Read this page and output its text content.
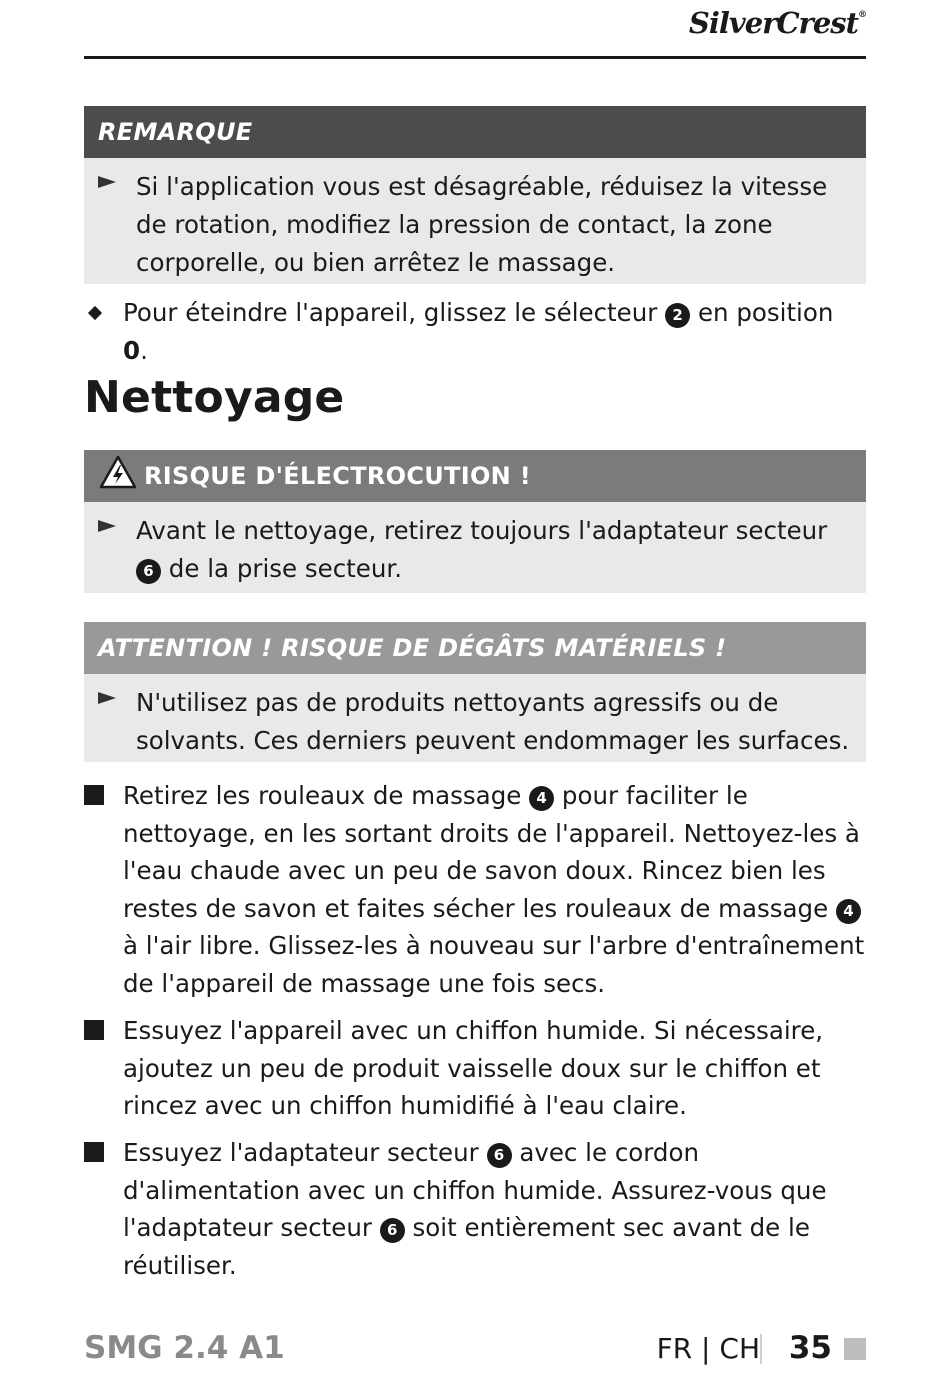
SilverCrest®
REMARQUE
Si l'application vous est désagréable, réduisez la vitesse de rotation, modifiez la pression de contact, la zone corporelle, ou bien arrêtez le massage.
Pour éteindre l'appareil, glissez le sélecteur 2 en position 0.
Nettoyage
RISQUE D'ÉLECTROCUTION !
Avant le nettoyage, retirez toujours l'adaptateur secteur 6 de la prise secteur.
ATTENTION ! RISQUE DE DÉGÂTS MATÉRIELS !
N'utilisez pas de produits nettoyants agressifs ou de solvants. Ces derniers peuvent endommager les surfaces.
Retirez les rouleaux de massage 4 pour faciliter le nettoyage, en les sortant droits de l'appareil. Nettoyez-les à l'eau chaude avec un peu de savon doux. Rincez bien les restes de savon et faites sécher les rouleaux de massage 4 à l'air libre. Glissez-les à nouveau sur l'arbre d'entraînement de l'appareil de massage une fois secs.
Essuyez l'appareil avec un chiffon humide. Si nécessaire, ajoutez un peu de produit vaisselle doux sur le chiffon et rincez avec un chiffon humidifié à l'eau claire.
Essuyez l'adaptateur secteur 6 avec le cordon d'alimentation avec un chiffon humide. Assurez-vous que l'adaptateur secteur 6 soit entièrement sec avant de le réutiliser.
SMG 2.4 A1	FR | CH 35
